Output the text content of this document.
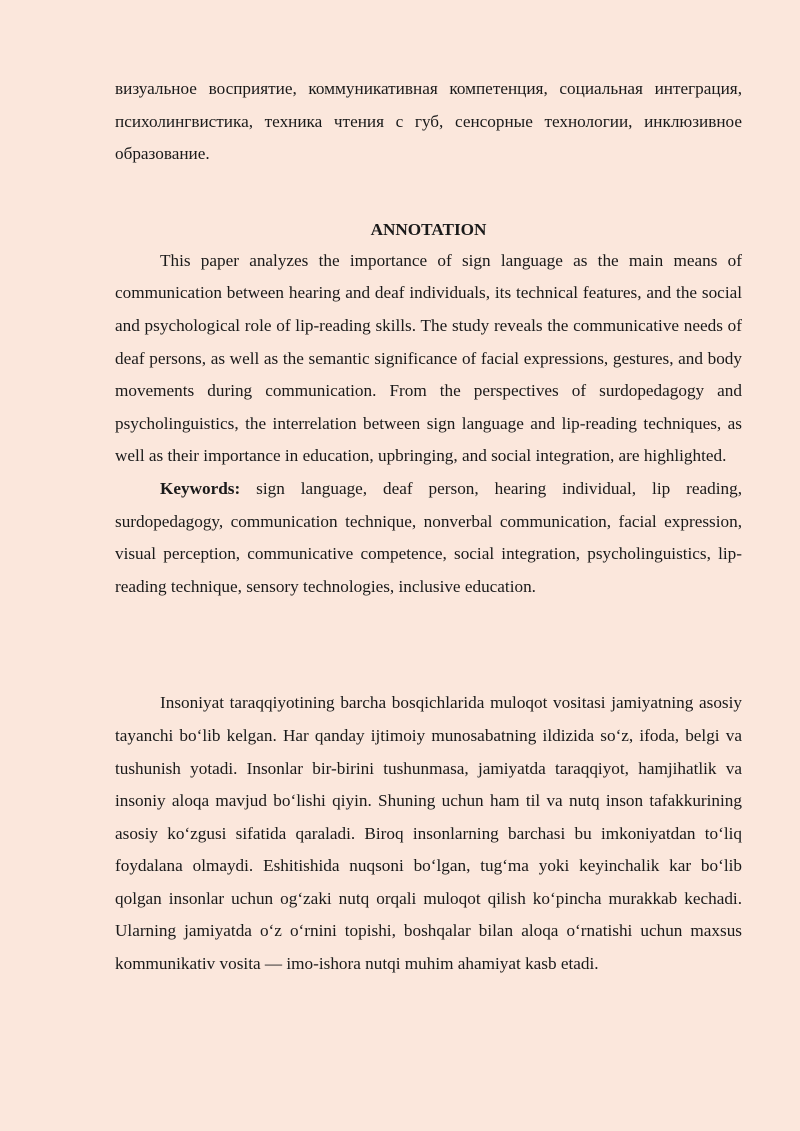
визуальное восприятие, коммуникативная компетенция, социальная интеграция, психолингвистика, техника чтения с губ, сенсорные технологии, инклюзивное образование.

ANNOTATION

This paper analyzes the importance of sign language as the main means of communication between hearing and deaf individuals, its technical features, and the social and psychological role of lip-reading skills. The study reveals the communicative needs of deaf persons, as well as the semantic significance of facial expressions, gestures, and body movements during communication. From the perspectives of surdopedagogy and psycholinguistics, the interrelation between sign language and lip-reading techniques, as well as their importance in education, upbringing, and social integration, are highlighted.

Keywords: sign language, deaf person, hearing individual, lip reading, surdopedagogy, communication technique, nonverbal communication, facial expression, visual perception, communicative competence, social integration, psycholinguistics, lip-reading technique, sensory technologies, inclusive education.

Insoniyat taraqqiyotining barcha bosqichlarida muloqot vositasi jamiyatning asosiy tayanchi bo‘lib kelgan. Har qanday ijtimoiy munosabatning ildizida so‘z, ifoda, belgi va tushunish yotadi. Insonlar bir-birini tushunmasa, jamiyatda taraqqiyot, hamjihatlik va insoniy aloqa mavjud bo‘lishi qiyin. Shuning uchun ham til va nutq inson tafakkurining asosiy ko‘zgusi sifatida qaraladi. Biroq insonlarning barchasi bu imkoniyatdan to‘liq foydalana olmaydi. Eshitishida nuqsoni bo‘lgan, tug‘ma yoki keyinchalik kar bo‘lib qolgan insonlar uchun og‘zaki nutq orqali muloqot qilish ko‘pincha murakkab kechadi. Ularning jamiyatda o‘z o‘rnini topishi, boshqalar bilan aloqa o‘rnatishi uchun maxsus kommunikativ vosita — imo-ishora nutqi muhim ahamiyat kasb etadi.
